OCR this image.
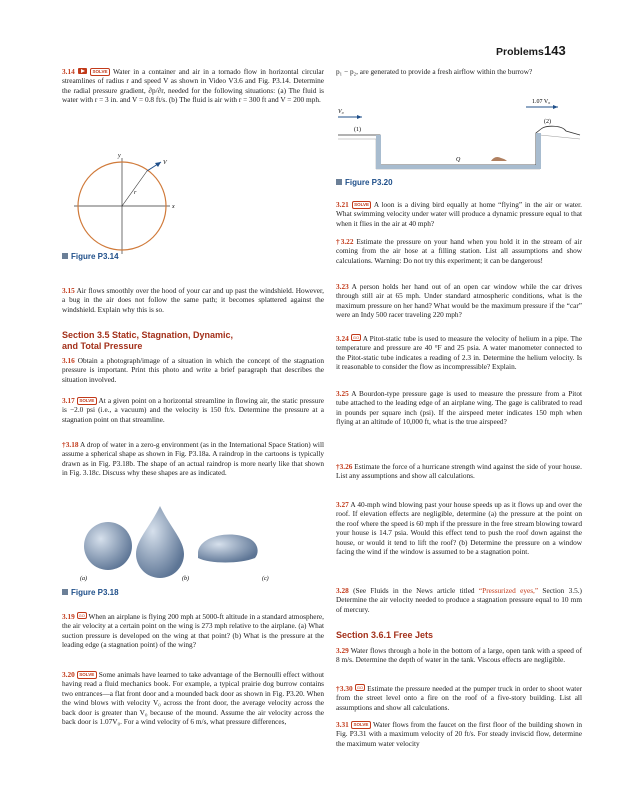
Problems 143

3.14	SOLVE Water in a container and air in a tornado flow in horizontal circular streamlines of radius r and speed V as shown in Video V3.6 and Fig. P3.14. Determine the radial pressure gradient, ∂p/∂r, needed for the following situations: (a) The fluid is water with r = 3 in. and V = 0.8 ft/s. (b) The fluid is air with r = 300 ft and V = 200 mph.

y
x
V
r
Figure P3.14

3.15 Air flows smoothly over the hood of your car and up past the windshield. However, a bug in the air does not follow the same path; it becomes splattered against the windshield. Explain why this is so.

Section 3.5 Static, Stagnation, Dynamic,
and Total Pressure

3.16 Obtain a photograph/image of a situation in which the concept of the stagnation pressure is important. Print this photo and write a brief paragraph that describes the situation involved.

3.17 SOLVE At a given point on a horizontal streamline in flowing air, the static pressure is −2.0 psi (i.e., a vacuum) and the velocity is 150 ft/s. Determine the pressure at a stagnation point on that streamline.

†3.18 A drop of water in a zero-g environment (as in the International Space Station) will assume a spherical shape as shown in Fig. P3.18a. A raindrop in the cartoons is typically drawn as in Fig. P3.18b. The shape of an actual raindrop is more nearly like that shown in Fig. 3.18c. Discuss why these shapes are as indicated.

(a)	(b)	(c)
Figure P3.18

3.19 GO When an airplane is flying 200 mph at 5000-ft altitude in a standard atmosphere, the air velocity at a certain point on the wing is 273 mph relative to the airplane. (a) What suction pressure is developed on the wing at that point? (b) What is the pressure at the leading edge (a stagnation point) of the wing?

3.20 SOLVE Some animals have learned to take advantage of the Bernoulli effect without having read a fluid mechanics book. For example, a typical prairie dog burrow contains two entrances—a flat front door and a mounded back door as shown in Fig. P3.20. When the wind blows with velocity V₀ across the front door, the average velocity across the back door is greater than V₀ because of the mound. Assume the air velocity across the back door is 1.07V₀. For a wind velocity of 6 m/s, what pressure differences,

p₁ − p₂, are generated to provide a fresh airflow within the burrow?

V₀
1.07 V₀
(1)
(2)
Q
Figure P3.20

3.21 SOLVE A loon is a diving bird equally at home “flying” in the air or water. What swimming velocity under water will produce a dynamic pressure equal to that when it flies in the air at 40 mph?

†3.22 Estimate the pressure on your hand when you hold it in the stream of air coming from the air hose at a filling station. List all assumptions and show calculations. Warning: Do not try this experiment; it can be dangerous!

3.23 A person holds her hand out of an open car window while the car drives through still air at 65 mph. Under standard atmospheric conditions, what is the maximum pressure on her hand? What would be the maximum pressure if the “car” were an Indy 500 racer traveling 220 mph?

3.24 GO A Pitot-static tube is used to measure the velocity of helium in a pipe. The temperature and pressure are 40 °F and 25 psia. A water manometer connected to the Pitot-static tube indicates a reading of 2.3 in. Determine the helium velocity. Is it reasonable to consider the flow as incompressible? Explain.

3.25 A Bourdon-type pressure gage is used to measure the pressure from a Pitot tube attached to the leading edge of an airplane wing. The gage is calibrated to read in pounds per square inch (psi). If the airspeed meter indicates 150 mph when flying at an altitude of 10,000 ft, what is the true airspeed?

†3.26 Estimate the force of a hurricane strength wind against the side of your house. List any assumptions and show all calculations.

3.27 A 40-mph wind blowing past your house speeds up as it flows up and over the roof. If elevation effects are negligible, determine (a) the pressure at the point on the roof where the speed is 60 mph if the pressure in the free stream blowing toward your house is 14.7 psia. Would this effect tend to push the roof down against the house, or would it tend to lift the roof? (b) Determine the pressure on a window facing the wind if the window is assumed to be a stagnation point.

3.28 (See Fluids in the News article titled “Pressurized eyes,” Section 3.5.) Determine the air velocity needed to produce a stagnation pressure equal to 10 mm of mercury.

Section 3.6.1 Free Jets

3.29 Water flows through a hole in the bottom of a large, open tank with a speed of 8 m/s. Determine the depth of water in the tank. Viscous effects are negligible.

†3.30 GO Estimate the pressure needed at the pumper truck in order to shoot water from the street level onto a fire on the roof of a five-story building. List all assumptions and show all calculations.

3.31 SOLVE Water flows from the faucet on the first floor of the building shown in Fig. P3.31 with a maximum velocity of 20 ft/s. For steady inviscid flow, determine the maximum water velocity
